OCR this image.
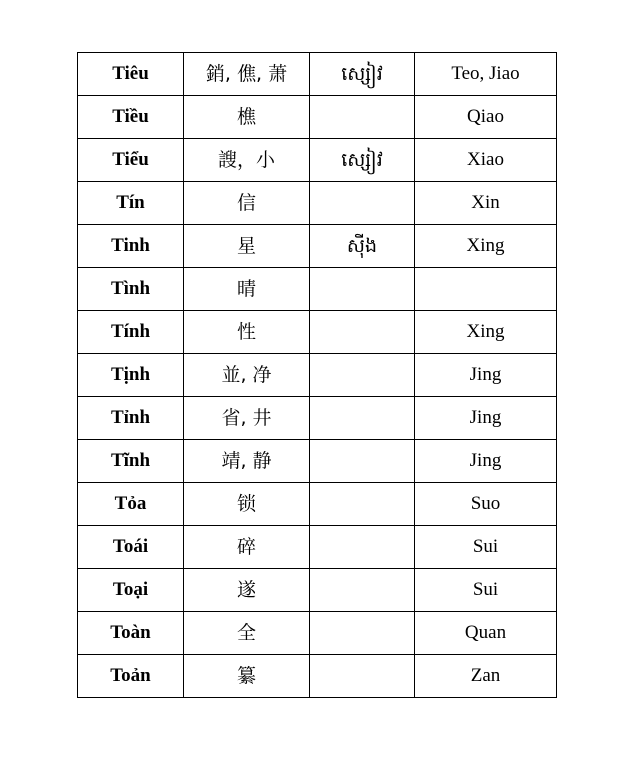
Tiêu	銷, 僬, 萧	ស្សៀវ	Teo, Jiao
Tiều	樵		Qiao
Tiểu	謏，小	ស្សៀវ	Xiao
Tín	信		Xin
Tinh	星	ស៊ីង	Xing
Tình	晴		
Tính	性		Xing
Tịnh	並, 净		Jing
Tỉnh	省, 井		Jing
Tĩnh	靖, 静		Jing
Tỏa	锁		Suo
Toái	碎		Sui
Toại	遂		Sui
Toàn	全		Quan
Toản	纂		Zan
